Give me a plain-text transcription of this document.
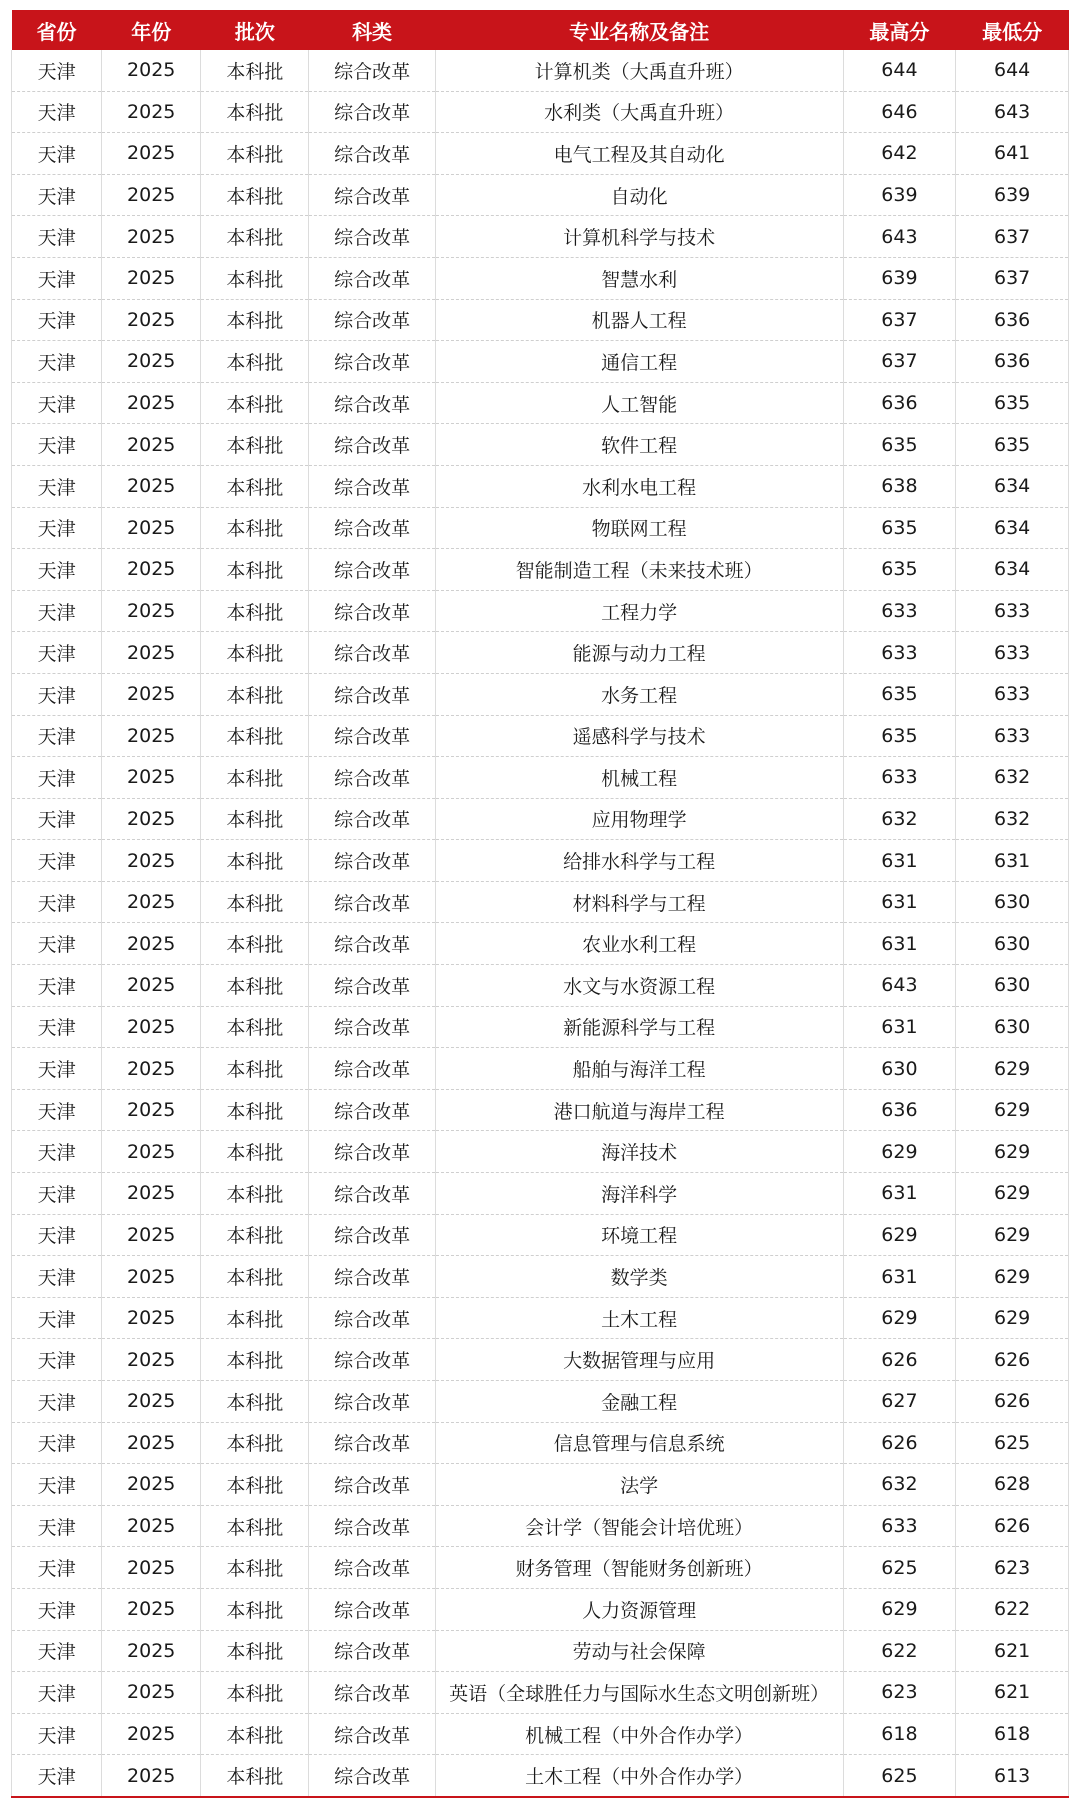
省份	年份	批次	科类	专业名称及备注	最高分	最低分
天津	2025	本科批	综合改革	计算机类（大禹直升班）	644	644
天津	2025	本科批	综合改革	水利类（大禹直升班）	646	643
天津	2025	本科批	综合改革	电气工程及其自动化	642	641
天津	2025	本科批	综合改革	自动化	639	639
天津	2025	本科批	综合改革	计算机科学与技术	643	637
天津	2025	本科批	综合改革	智慧水利	639	637
天津	2025	本科批	综合改革	机器人工程	637	636
天津	2025	本科批	综合改革	通信工程	637	636
天津	2025	本科批	综合改革	人工智能	636	635
天津	2025	本科批	综合改革	软件工程	635	635
天津	2025	本科批	综合改革	水利水电工程	638	634
天津	2025	本科批	综合改革	物联网工程	635	634
天津	2025	本科批	综合改革	智能制造工程（未来技术班）	635	634
天津	2025	本科批	综合改革	工程力学	633	633
天津	2025	本科批	综合改革	能源与动力工程	633	633
天津	2025	本科批	综合改革	水务工程	635	633
天津	2025	本科批	综合改革	遥感科学与技术	635	633
天津	2025	本科批	综合改革	机械工程	633	632
天津	2025	本科批	综合改革	应用物理学	632	632
天津	2025	本科批	综合改革	给排水科学与工程	631	631
天津	2025	本科批	综合改革	材料科学与工程	631	630
天津	2025	本科批	综合改革	农业水利工程	631	630
天津	2025	本科批	综合改革	水文与水资源工程	643	630
天津	2025	本科批	综合改革	新能源科学与工程	631	630
天津	2025	本科批	综合改革	船舶与海洋工程	630	629
天津	2025	本科批	综合改革	港口航道与海岸工程	636	629
天津	2025	本科批	综合改革	海洋技术	629	629
天津	2025	本科批	综合改革	海洋科学	631	629
天津	2025	本科批	综合改革	环境工程	629	629
天津	2025	本科批	综合改革	数学类	631	629
天津	2025	本科批	综合改革	土木工程	629	629
天津	2025	本科批	综合改革	大数据管理与应用	626	626
天津	2025	本科批	综合改革	金融工程	627	626
天津	2025	本科批	综合改革	信息管理与信息系统	626	625
天津	2025	本科批	综合改革	法学	632	628
天津	2025	本科批	综合改革	会计学（智能会计培优班）	633	626
天津	2025	本科批	综合改革	财务管理（智能财务创新班）	625	623
天津	2025	本科批	综合改革	人力资源管理	629	622
天津	2025	本科批	综合改革	劳动与社会保障	622	621
天津	2025	本科批	综合改革	英语（全球胜任力与国际水生态文明创新班）	623	621
天津	2025	本科批	综合改革	机械工程（中外合作办学）	618	618
天津	2025	本科批	综合改革	土木工程（中外合作办学）	625	613
